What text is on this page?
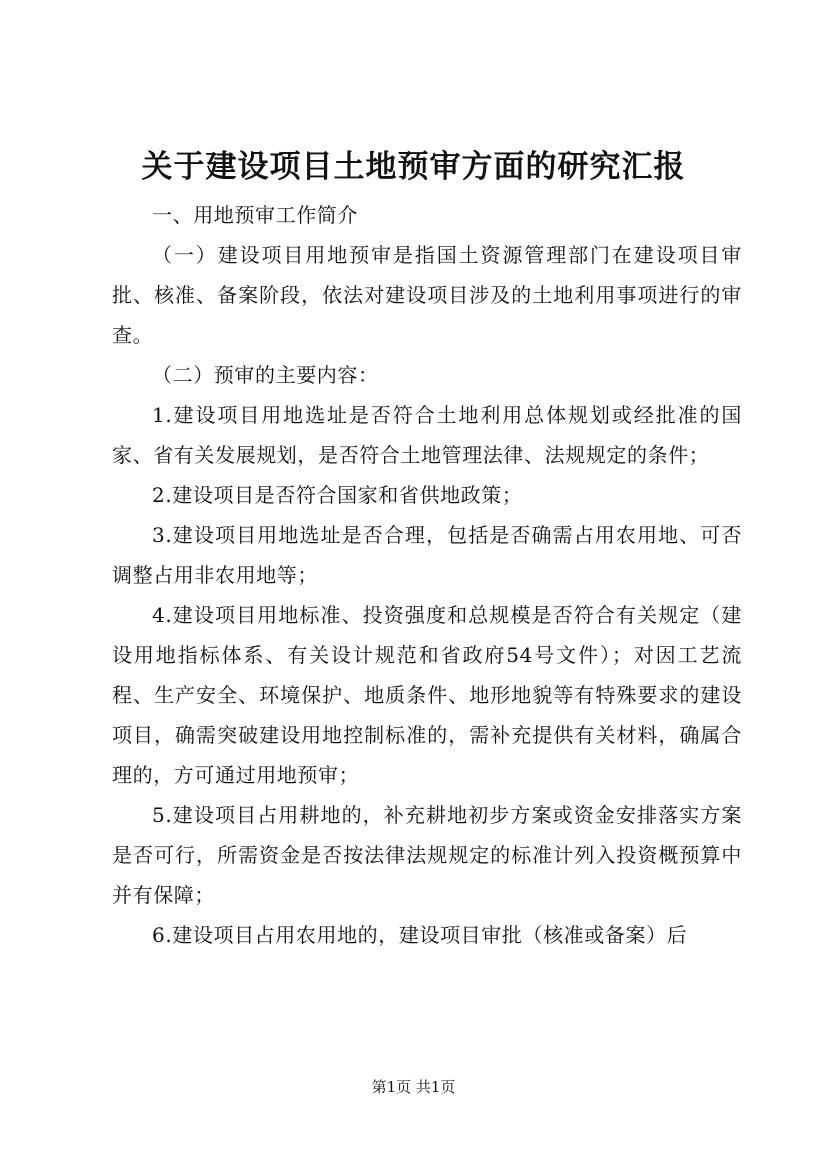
关于建设项目土地预审方面的研究汇报

一、用地预审工作简介

（一）建设项目用地预审是指国土资源管理部门在建设项目审批、核准、备案阶段，依法对建设项目涉及的土地利用事项进行的审查。

（二）预审的主要内容：

1.建设项目用地选址是否符合土地利用总体规划或经批准的国家、省有关发展规划，是否符合土地管理法律、法规规定的条件；

2.建设项目是否符合国家和省供地政策；

3.建设项目用地选址是否合理，包括是否确需占用农用地、可否调整占用非农用地等；

4.建设项目用地标准、投资强度和总规模是否符合有关规定（建设用地指标体系、有关设计规范和省政府54号文件）；对因工艺流程、生产安全、环境保护、地质条件、地形地貌等有特殊要求的建设项目，确需突破建设用地控制标准的，需补充提供有关材料，确属合理的，方可通过用地预审；

5.建设项目占用耕地的，补充耕地初步方案或资金安排落实方案是否可行，所需资金是否按法律法规规定的标准计列入投资概预算中并有保障；

6.建设项目占用农用地的，建设项目审批（核准或备案）后

第1页 共1页
